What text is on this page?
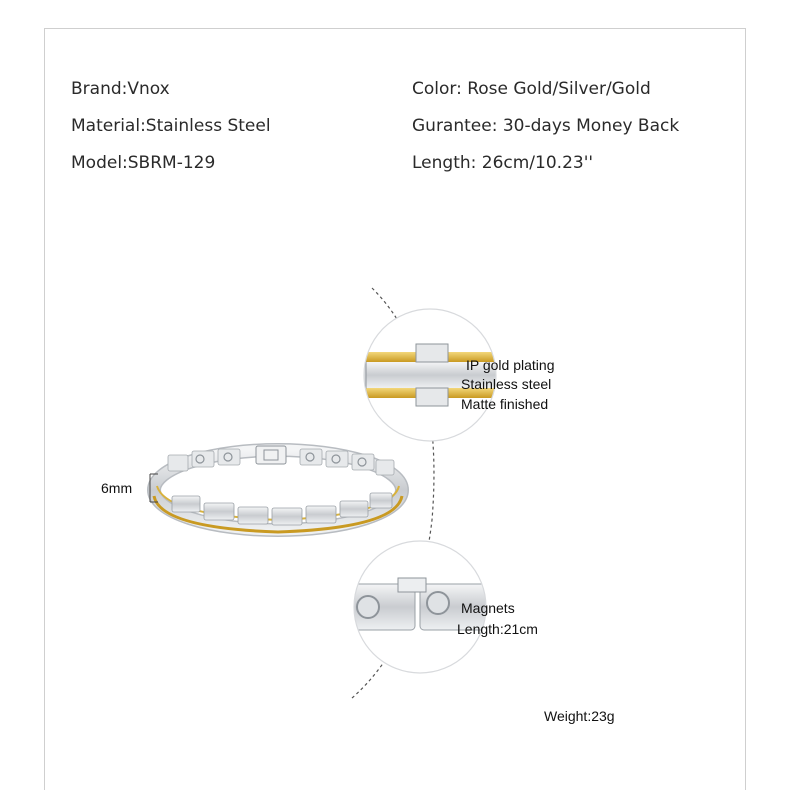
Brand:Vnox
Material:Stainless Steel
Model:SBRM-129
Color: Rose Gold/Silver/Gold
Gurantee: 30-days Money Back
Length: 26cm/10.23''
6mm
IP gold plating
Stainless steel
Matte finished
Magnets
Length:21cm
Weight:23g
